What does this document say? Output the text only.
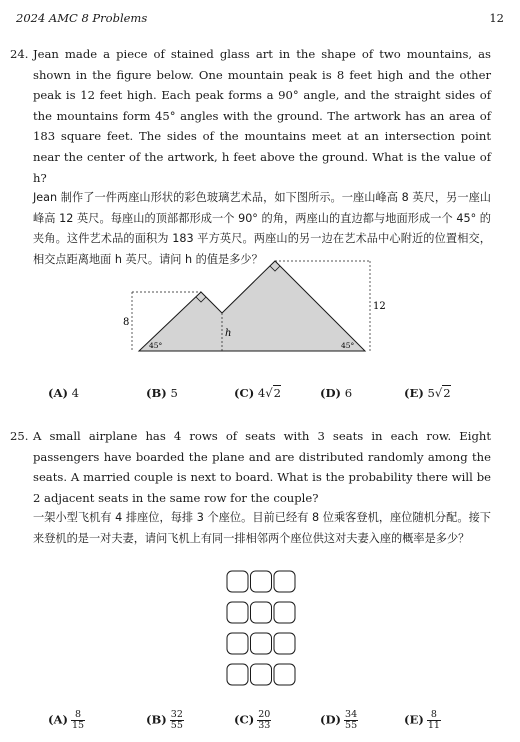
2024 AMC 8 Problems	12
24. Jean made a piece of stained glass art in the shape of two mountains, as shown in the figure below. One mountain peak is 8 feet high and the other peak is 12 feet high. Each peak forms a 90° angle, and the straight sides of the mountains form 45° angles with the ground. The artwork has an area of 183 square feet. The sides of the mountains meet at an intersection point near the center of the artwork, h feet above the ground. What is the value of h?

Jean 制作了一件两座山形状的彩色玻璃艺术品，如下图所示。一座山峰高 8 英尺，另一座山峰高 12 英尺。每座山的顶部都形成一个 90° 的角，两座山的直边都与地面形成一个 45° 的夹角。这件艺术品的面积为 183 平方英尺。两座山的另一边在艺术品中心附近的位置相交，相交点距离地面 h 英尺。请问 h 的值是多少？

8
12
h
45°	45°
(A) 4	(B) 5	(C) 4√2	(D) 6	(E) 5√2
25. A small airplane has 4 rows of seats with 3 seats in each row. Eight passengers have boarded the plane and are distributed randomly among the seats. A married couple is next to board. What is the probability there will be 2 adjacent seats in the same row for the couple?

一架小型飞机有 4 排座位，每排 3 个座位。目前已经有 8 位乘客登机，座位随机分配。接下来登机的是一对夫妻，请问飞机上有同一排相邻两个座位供这对夫妻入座的概率是多少？

$(A) \frac{8}{15}$	$(B) \frac{32}{55}$	$(C) \frac{20}{33}$	$(D) \frac{34}{55}$	$(E) \frac{8}{11}$
